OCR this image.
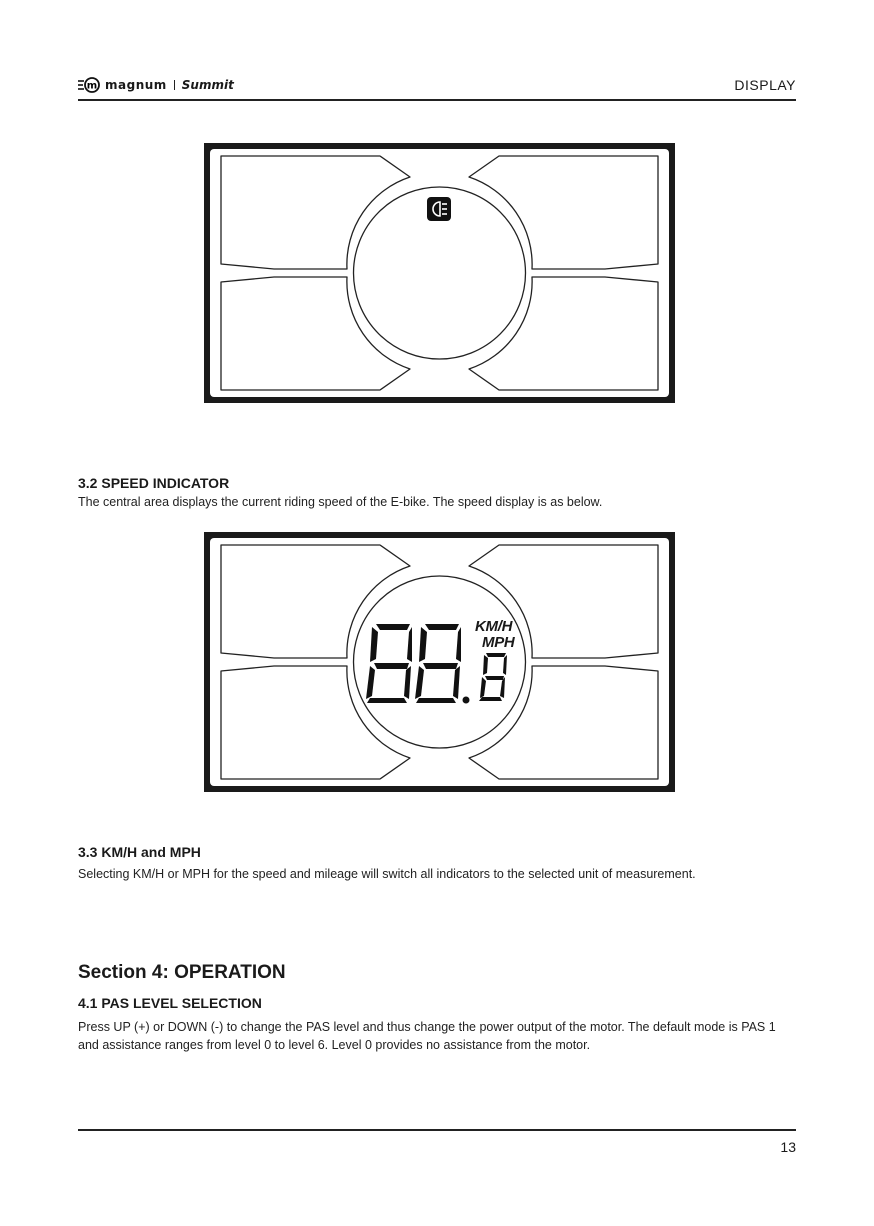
m magnum Summit	DISPLAY
3.2 SPEED INDICATOR
The central area displays the current riding speed of the E-bike. The speed display is as below.
KM/H
MPH
3.3 KM/H and MPH
Selecting KM/H or MPH for the speed and mileage will switch all indicators to the selected unit of measurement.
Section 4: OPERATION
4.1 PAS LEVEL SELECTION
Press UP (+) or DOWN (-) to change the PAS level and thus change the power output of the motor. The default mode is PAS 1 and assistance ranges from level 0 to level 6. Level 0 provides no assistance from the motor.
13
